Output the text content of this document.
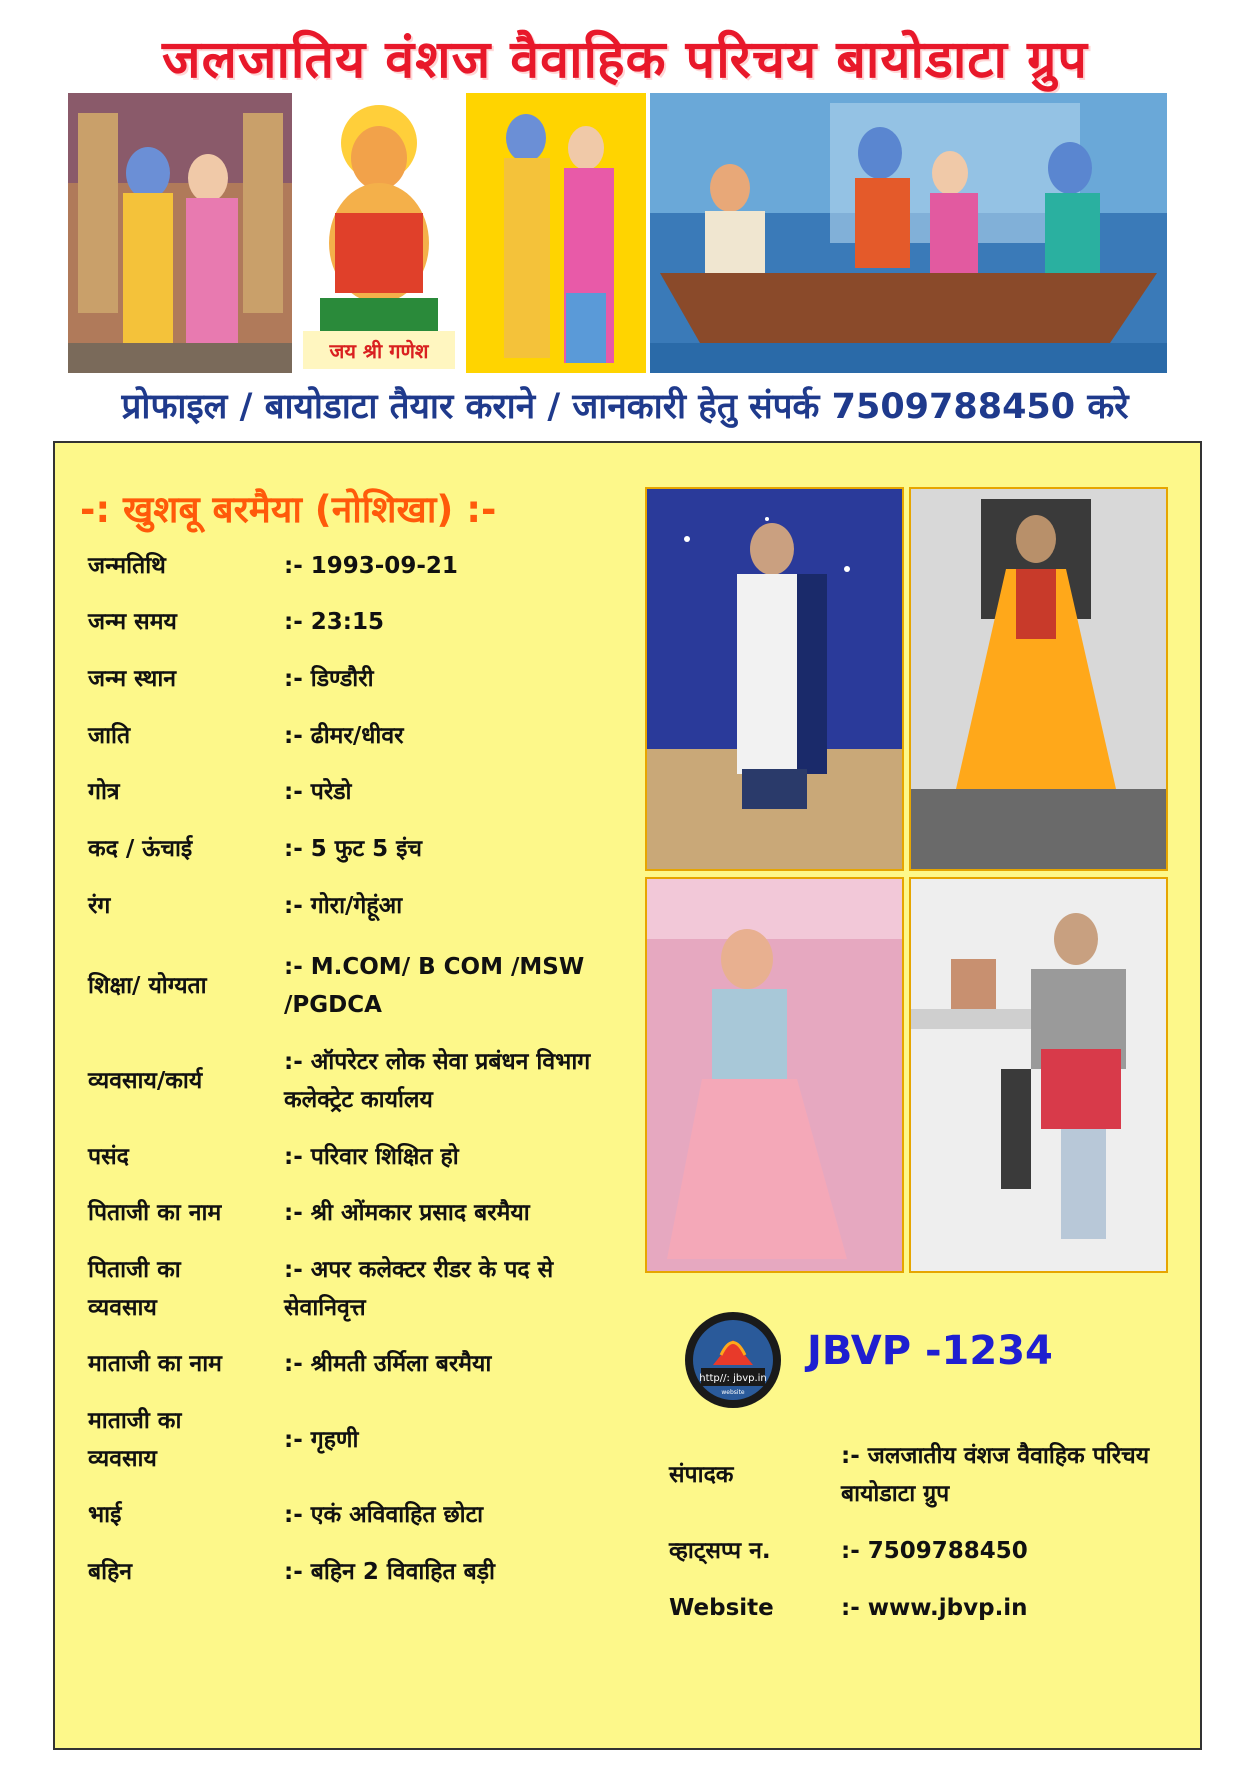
जलजातिय वंशज वैवाहिक परिचय बायोडाटा ग्रुप
जय श्री गणेश
प्रोफाइल / बायोडाटा तैयार कराने / जानकारी हेतु संपर्क 7509788450 करे
-: खुशबू बरमैया (नोशिखा) :-
जन्मतिथि	:- 1993-09-21
जन्म समय	:- 23:15
जन्म स्थान	:- डिण्डौरी
जाति	:- ढीमर/धीवर
गोत्र	:- परेडो
कद / ऊंचाई	:- 5 फुट 5 इंच
रंग	:- गोरा/गेहूंआ
शिक्षा/ योग्यता
:- M.COM/ B COM /MSW /PGDCA
व्यवसाय/कार्य
:- ऑपरेटर लोक सेवा प्रबंधन विभाग कलेक्ट्रेट कार्यालय
पसंद	:- परिवार शिक्षित हो
पिताजी का नाम	:- श्री ओंमकार प्रसाद बरमैया
पिताजी का व्यवसाय
:- अपर कलेक्टर रीडर के पद से सेवानिवृत्त
माताजी का नाम	:- श्रीमती उर्मिला बरमैया
माताजी का व्यवसाय
:- गृहणी
भाई	:- एकं अविवाहित छोटा
बहिन	:- बहिन 2 विवाहित बड़ी
http//: jbvp.in
website
JBVP -1234
संपादक
:- जलजातीय वंशज वैवाहिक परिचय बायोडाटा ग्रुप
व्हाट्सप्प न.	:- 7509788450
Website	:- www.jbvp.in
